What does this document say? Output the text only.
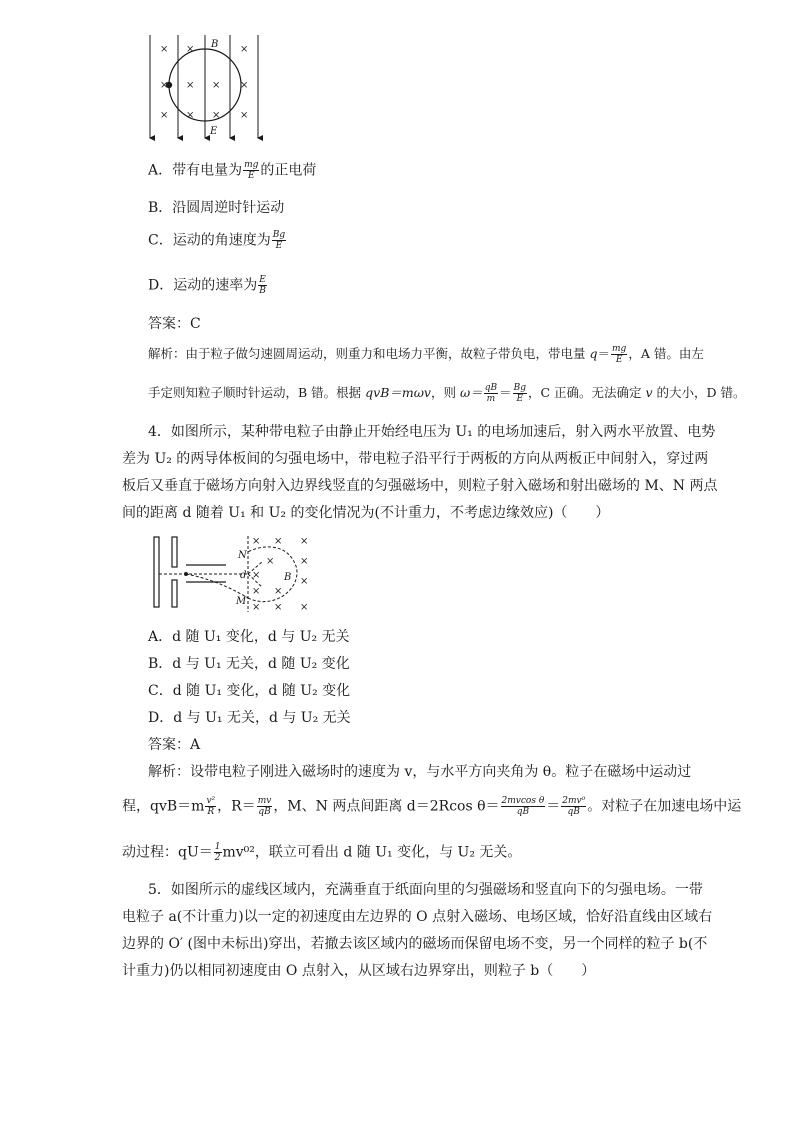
× ×	×
× × × ×
× × × ×
B
E
A．带有电量为 $\frac{mg}{E}$ 的正电荷
B．沿圆周逆时针运动
C．运动的角速度为 $\frac{Bg}{E}$
D．运动的速率为 $\frac{E}{B}$
答案：C
解析：由于粒子做匀速圆周运动，则重力和电场力平衡，故粒子带负电，带电量 $q= \frac{mg}{E}$ ，A 错。由左
手定则知粒子顺时针运动，B 错。根据 qvB＝mωv，则 $\omega= \frac{qB}{m} = \frac{Bg}{E}$ ，C 正确。无法确定 v 的大小，D 错。
4．如图所示，某种带电粒子由静止开始经电压为 U₁ 的电场加速后，射入两水平放置、电势
差为 U₂ 的两导体板间的匀强电场中，带电粒子沿平行于两板的方向从两板正中间射入，穿过两
板后又垂直于磁场方向射入边界线竖直的匀强磁场中，则粒子射入磁场和射出磁场的 M、N 两点
间的距离 d 随着 U₁ 和 U₂ 的变化情况为(不计重力，不考虑边缘效应)（　　）
× × ×
×	×
×
×
× ×
× × ×
N
d	B
M
A．d 随 U₁ 变化，d 与 U₂ 无关
B．d 与 U₁ 无关，d 随 U₂ 变化
C．d 随 U₁ 变化，d 随 U₂ 变化
D．d 与 U₁ 无关，d 与 U₂ 无关
答案：A
解析：设带电粒子刚进入磁场时的速度为 v，与水平方向夹角为 θ。粒子在磁场中运动过
程，$qvB=m \frac{\text{v²}}{R}$ ，$R= \frac{mv}{qB}$ ，M、N 两点间距离 d＝2Rcos $\theta= \frac{\text{2mvcos θ}}{qB} = \frac{\text{2mv⁰}}{qB}$ 。对粒子在加速电场中运
动过程：$qU= \frac{1}{2} mv^{02}$，联立可看出 d 随 U₁ 变化，与 U₂ 无关。
5．如图所示的虚线区域内，充满垂直于纸面向里的匀强磁场和竖直向下的匀强电场。一带
电粒子 a(不计重力)以一定的初速度由左边界的 O 点射入磁场、电场区域，恰好沿直线由区域右
边界的 O′ (图中未标出)穿出，若撤去该区域内的磁场而保留电场不变，另一个同样的粒子 b(不
计重力)仍以相同初速度由 O 点射入，从区域右边界穿出，则粒子 b（　　）
